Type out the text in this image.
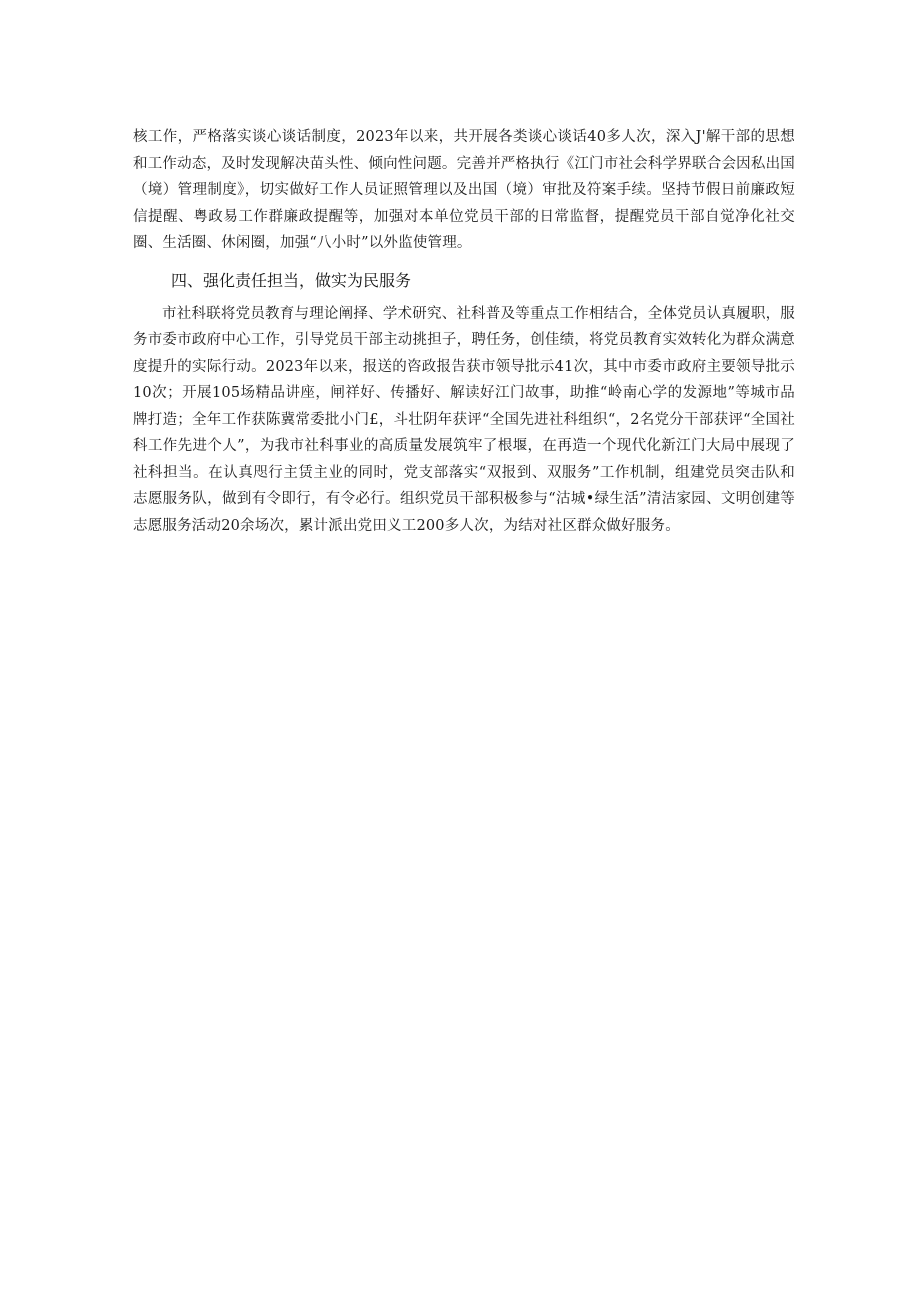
核工作，严格落实谈心谈话制度，2023年以来，共开展各类谈心谈话40多人次，深入J'解干部的思想和工作动态，及时发现解决苗头性、倾向性问题。完善并严格执行《江门市社会科学界联合会因私出国（境）管理制度》，切实做好工作人员证照管理以及出国（境）审批及符案手续。坚持节假日前廉政短信提醒、粤政易工作群廉政提醒等，加强对本单位党员干部的日常监督，提醒党员干部自觉净化社交圈、生活圈、休闲圈，加强“八小时”以外监使管理。

四、强化责任担当，做实为民服务

市社科联将党员教育与理论阐择、学术研究、社科普及等重点工作相结合，全体党员认真履职，服务市委市政府中心工作，引导党员干部主动挑担子，聘任务，创佳绩，将党员教育实效转化为群众满意度提升的实际行动。2023年以来，报送的咨政报告获市领导批示41次，其中市委市政府主要领导批示10次；开展105场精品讲座，闸祥好、传播好、解读好江门故事，助推“岭南心学的发源地”等城市品牌打造；全年工作获陈冀常委批小门£，斗壮阴年获评“全国先进社科组织“，2名党分干部获评“全国社科工作先进个人”，为我市社科事业的高质量发展筑牢了根堰，在再造一个现代化新江门大局中展现了社科担当。在认真咫行主赁主业的同时，党支部落实“双报到、双服务”工作机制，组建党员突击队和志愿服务队，做到有令即行，有令必行。组织党员干部积极参与“沽城•绿生活”清洁家园、文明创建等志愿服务活动20余场次，累计派出党田义工200多人次，为结对社区群众做好服务。
